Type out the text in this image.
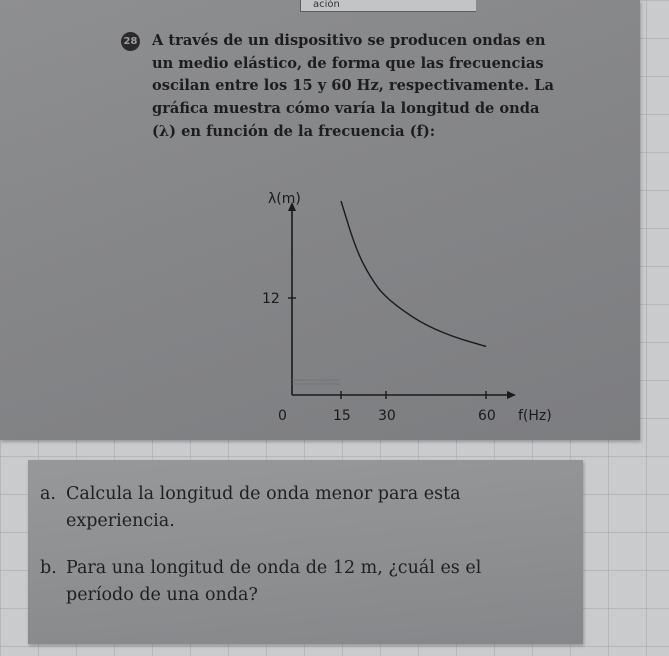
ación
28 A través de un dispositivo se producen ondas en
un medio elástico, de forma que las frecuencias
oscilan entre los 15 y 60 Hz, respectivamente. La
gráfica muestra cómo varía la longitud de onda
(λ) en función de la frecuencia (f):

λ(m)
f(Hz)
0	15 30	60
12

a. Calcula la longitud de onda menor para esta
experiencia.

b. Para una longitud de onda de 12 m, ¿cuál es el
período de una onda?
